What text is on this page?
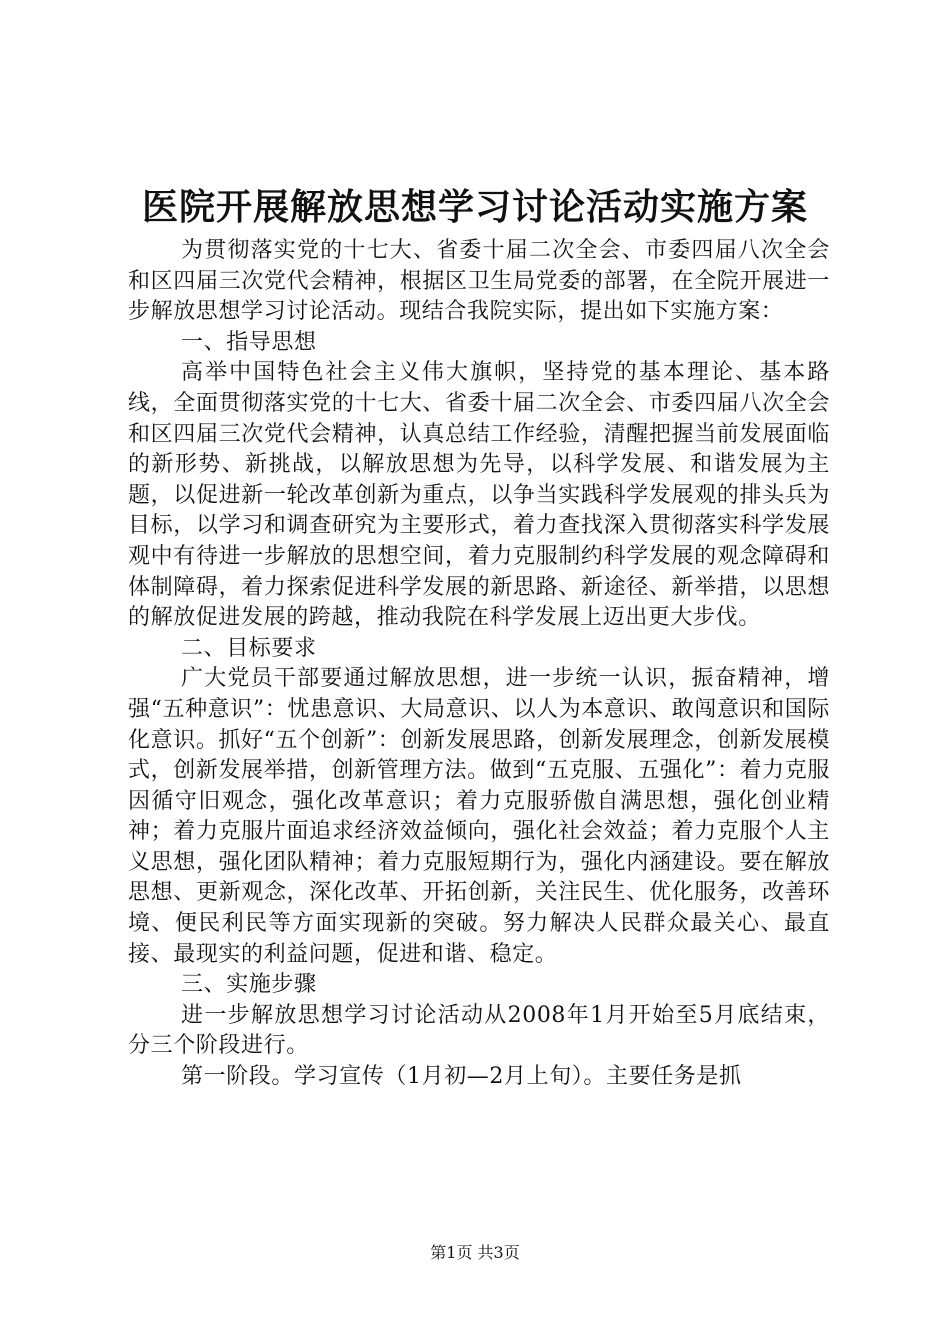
医院开展解放思想学习讨论活动实施方案

为贯彻落实党的十七大、省委十届二次全会、市委四届八次全会和区四届三次党代会精神，根据区卫生局党委的部署，在全院开展进一步解放思想学习讨论活动。现结合我院实际，提出如下实施方案：

一、指导思想

高举中国特色社会主义伟大旗帜，坚持党的基本理论、基本路线，全面贯彻落实党的十七大、省委十届二次全会、市委四届八次全会和区四届三次党代会精神，认真总结工作经验，清醒把握当前发展面临的新形势、新挑战，以解放思想为先导，以科学发展、和谐发展为主题，以促进新一轮改革创新为重点，以争当实践科学发展观的排头兵为目标，以学习和调查研究为主要形式，着力查找深入贯彻落实科学发展观中有待进一步解放的思想空间，着力克服制约科学发展的观念障碍和体制障碍，着力探索促进科学发展的新思路、新途径、新举措，以思想的解放促进发展的跨越，推动我院在科学发展上迈出更大步伐。

二、目标要求

广大党员干部要通过解放思想，进一步统一认识，振奋精神，增强“五种意识”：忧患意识、大局意识、以人为本意识、敢闯意识和国际化意识。抓好“五个创新”：创新发展思路，创新发展理念，创新发展模式，创新发展举措，创新管理方法。做到“五克服、五强化”：着力克服因循守旧观念，强化改革意识；着力克服骄傲自满思想，强化创业精神；着力克服片面追求经济效益倾向，强化社会效益；着力克服个人主义思想，强化团队精神；着力克服短期行为，强化内涵建设。要在解放思想、更新观念，深化改革、开拓创新，关注民生、优化服务，改善环境、便民利民等方面实现新的突破。努力解决人民群众最关心、最直接、最现实的利益问题，促进和谐、稳定。

三、实施步骤

进一步解放思想学习讨论活动从2008年1月开始至5月底结束，分三个阶段进行。

第一阶段。学习宣传（1月初—2月上旬）。主要任务是抓

第1页 共3页
